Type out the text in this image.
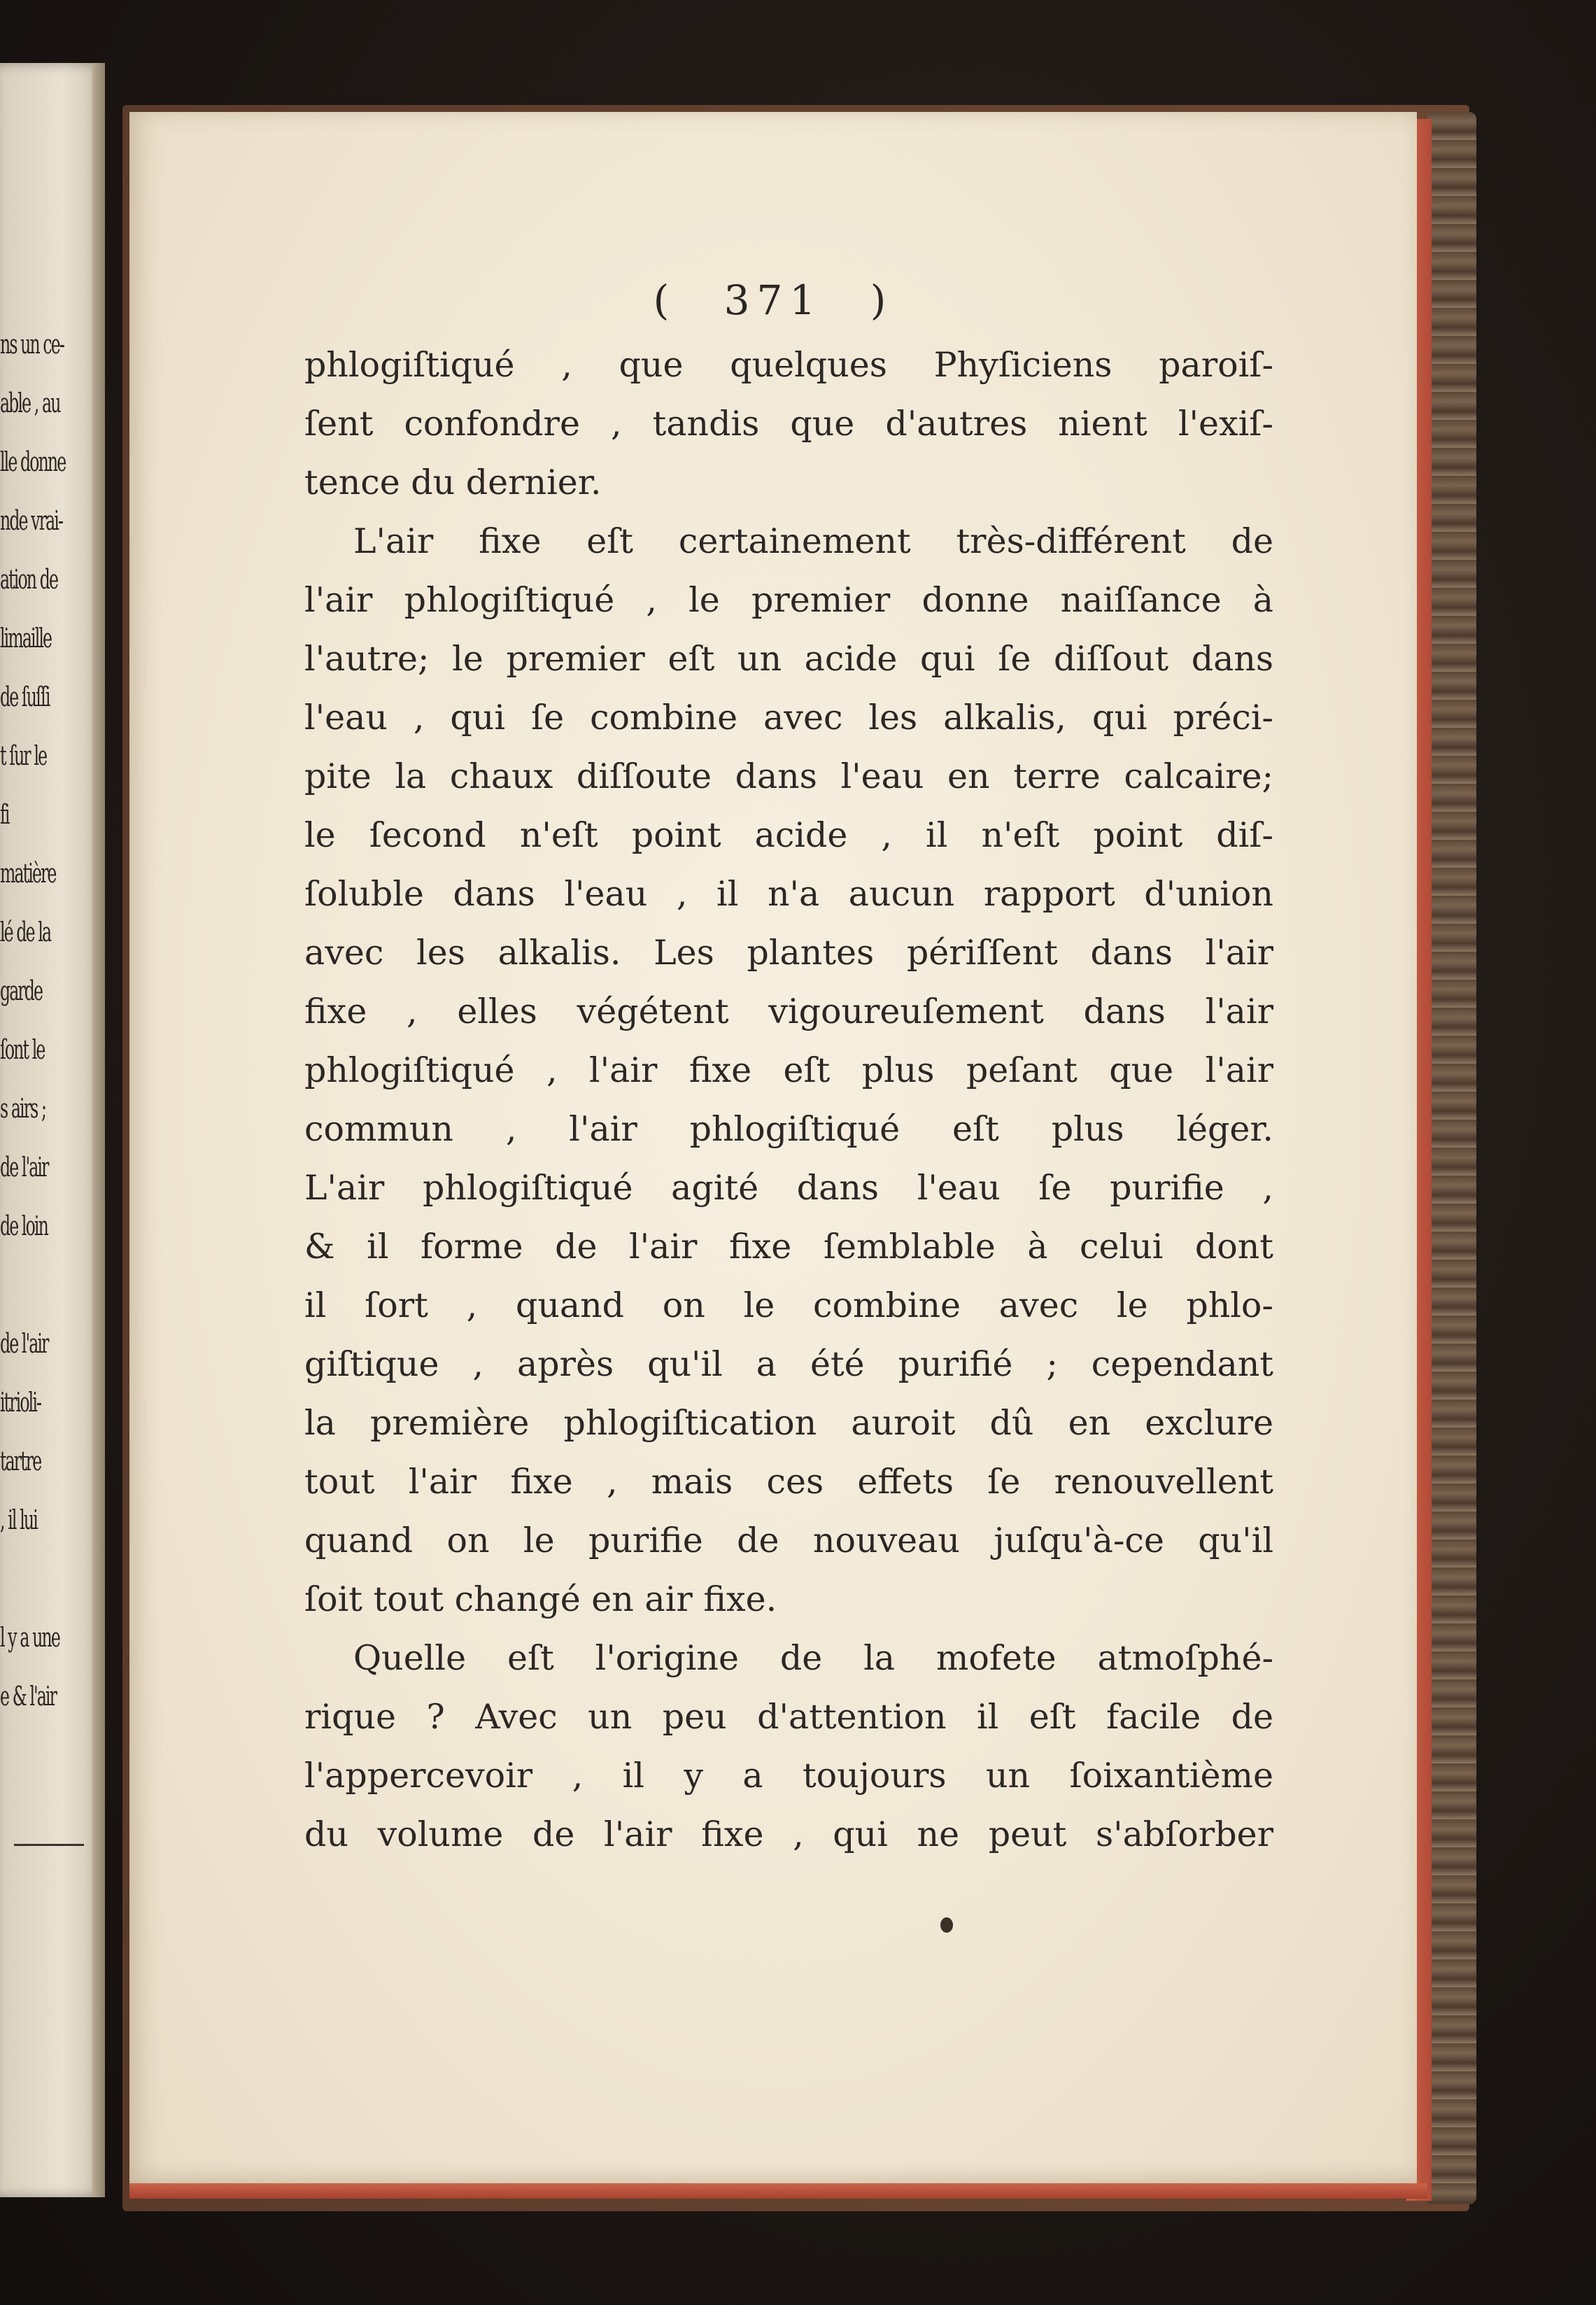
ns un ce-
able , au
lle donne
nde vrai-
ation de
limaille
de ſuſſi
t ſur le
fi
matière
lé de la
garde
ſont le
s airs ;
de l'air
de loin
de l'air
itrioli-
tartre
, il lui
l y a une
e & l'air
( 371 )
phlogiſtiqué , que quelques Phyſiciens paroiſ-
ſent confondre , tandis que d'autres nient l'exiſ-
tence du dernier.
L'air fixe eſt certainement très-différent de
l'air phlogiſtiqué , le premier donne naiſſance à
l'autre; le premier eſt un acide qui ſe diſſout dans
l'eau , qui ſe combine avec les alkalis, qui préci-
pite la chaux diſſoute dans l'eau en terre calcaire;
le ſecond n'eſt point acide , il n'eſt point diſ-
ſoluble dans l'eau , il n'a aucun rapport d'union
avec les alkalis. Les plantes périſſent dans l'air
fixe , elles végétent vigoureuſement dans l'air
phlogiſtiqué , l'air fixe eſt plus peſant que l'air
commun , l'air phlogiſtiqué eſt plus léger.
L'air phlogiſtiqué agité dans l'eau ſe purifie ,
& il forme de l'air fixe ſemblable à celui dont
il ſort , quand on le combine avec le phlo-
giſtique , après qu'il a été purifié ; cependant
la première phlogiſtication auroit dû en exclure
tout l'air fixe , mais ces effets ſe renouvellent
quand on le purifie de nouveau juſqu'à-ce qu'il
ſoit tout changé en air fixe.
Quelle eſt l'origine de la mofete atmoſphé-
rique ? Avec un peu d'attention il eſt facile de
l'appercevoir , il y a toujours un ſoixantième
du volume de l'air fixe , qui ne peut s'abſorber
